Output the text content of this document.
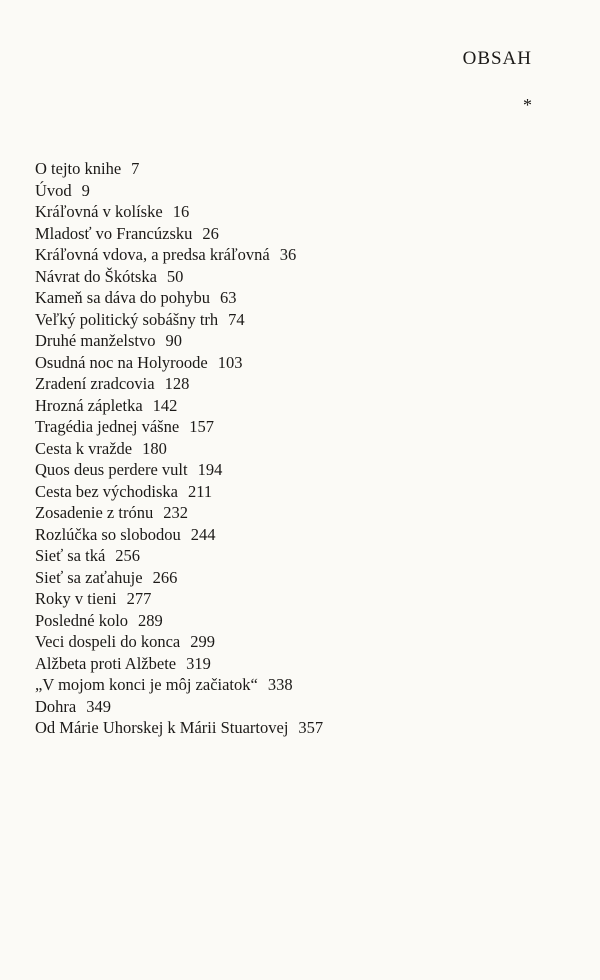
OBSAH
*
O tejto knihe 7
Úvod 9
Kráľovná v kolíske 16
Mladosť vo Francúzsku 26
Kráľovná vdova, a predsa kráľovná 36
Návrat do Škótska 50
Kameň sa dáva do pohybu 63
Veľký politický sobášny trh 74
Druhé manželstvo 90
Osudná noc na Holyroode 103
Zradení zradcovia 128
Hrozná zápletka 142
Tragédia jednej vášne 157
Cesta k vražde 180
Quos deus perdere vult 194
Cesta bez východiska 211
Zosadenie z trónu 232
Rozlúčka so slobodou 244
Sieť sa tká 256
Sieť sa zaťahuje 266
Roky v tieni 277
Posledné kolo 289
Veci dospeli do konca 299
Alžbeta proti Alžbete 319
„V mojom konci je môj začiatok“ 338
Dohra 349
Od Márie Uhorskej k Márii Stuartovej 357
